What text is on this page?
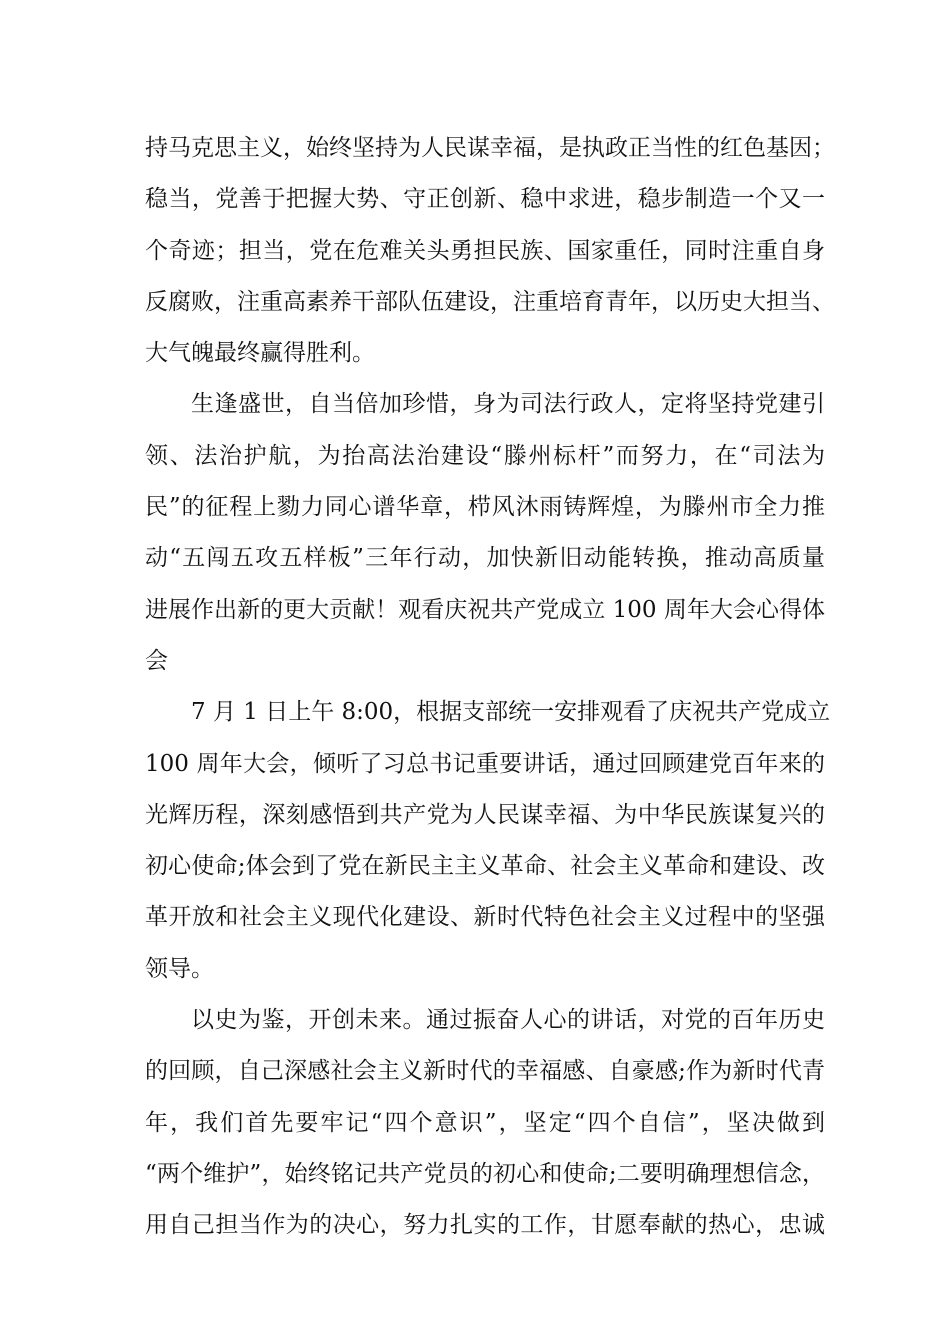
持马克思主义，始终坚持为人民谋幸福，是执政正当性的红色基因；
稳当，党善于把握大势、守正创新、稳中求进，稳步制造一个又一
个奇迹；担当，党在危难关头勇担民族、国家重任，同时注重自身
反腐败，注重高素养干部队伍建设，注重培育青年，以历史大担当、
大气魄最终赢得胜利。
生逢盛世，自当倍加珍惜，身为司法行政人，定将坚持党建引
领、法治护航，为抬高法治建设“滕州标杆”而努力，在“司法为
民”的征程上勠力同心谱华章，栉风沐雨铸辉煌，为滕州市全力推
动“五闯五攻五样板”三年行动，加快新旧动能转换，推动高质量
进展作出新的更大贡献！观看庆祝共产党成立 100 周年大会心得体
会
7 月 1 日上午 8:00，根据支部统一安排观看了庆祝共产党成立
100 周年大会，倾听了习总书记重要讲话，通过回顾建党百年来的
光辉历程，深刻感悟到共产党为人民谋幸福、为中华民族谋复兴的
初心使命;体会到了党在新民主主义革命、社会主义革命和建设、改
革开放和社会主义现代化建设、新时代特色社会主义过程中的坚强
领导。
以史为鉴，开创未来。通过振奋人心的讲话，对党的百年历史
的回顾，自己深感社会主义新时代的幸福感、自豪感;作为新时代青
年，我们首先要牢记“四个意识”，坚定“四个自信”，坚决做到
“两个维护”，始终铭记共产党员的初心和使命;二要明确理想信念，
用自己担当作为的决心，努力扎实的工作，甘愿奉献的热心，忠诚
